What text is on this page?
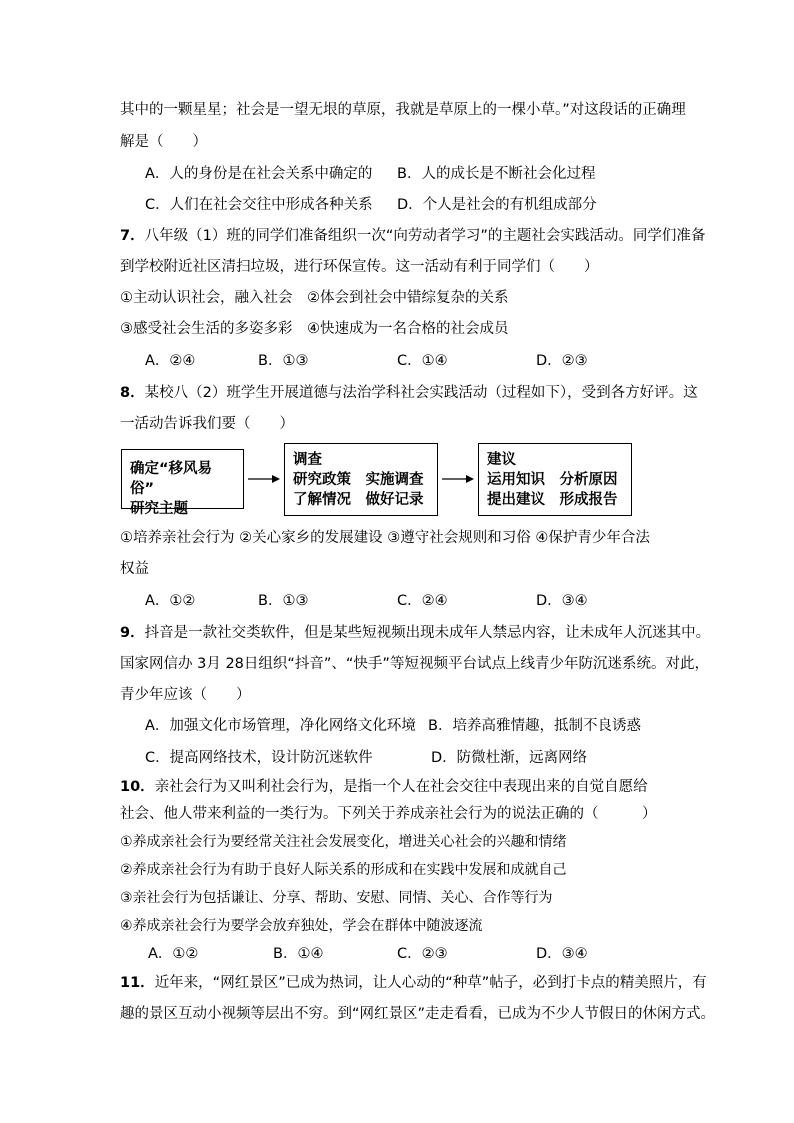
其中的一颗星星；社会是一望无垠的草原，我就是草原上的一棵小草。”对这段话的正确理
解是（　　）
A．人的身份是在社会关系中确定的 B．人的成长是不断社会化过程
C．人们在社会交往中形成各种关系 D．个人是社会的有机组成部分
7．八年级（1）班的同学们准备组织一次“向劳动者学习”的主题社会实践活动。同学们准备
到学校附近社区清扫垃圾，进行环保宣传。这一活动有利于同学们（　　）
①主动认识社会，融入社会　②体会到社会中错综复杂的关系
③感受社会生活的多姿多彩　④快速成为一名合格的社会成员
A．②④	B．①③	C．①④	D．②③
8．某校八（2）班学生开展道德与法治学科社会实践活动（过程如下），受到各方好评。这
一活动告诉我们要（　　）
确定“移风易俗”
研究主题
调查
研究政策　实施调查
了解情况　做好记录
建议
运用知识　分析原因
提出建议　形成报告
①培养亲社会行为 ②关心家乡的发展建设 ③遵守社会规则和习俗 ④保护青少年合法
权益
A．①②	B．①③	C．②④	D．③④
9．抖音是一款社交类软件，但是某些短视频出现未成年人禁忌内容，让未成年人沉迷其中。
国家网信办 3月 28日组织“抖音”、“快手”等短视频平台试点上线青少年防沉迷系统。对此，
青少年应该（　　）
A．加强文化市场管理，净化网络文化环境 B．培养高雅情趣，抵制不良诱惑
C．提高网络技术，设计防沉迷软件	D．防微杜渐，远离网络
10．亲社会行为又叫利社会行为，是指一个人在社会交往中表现出来的自觉自愿给
社会、他人带来利益的一类行为。下列关于养成亲社会行为的说法正确的（　　　）
①养成亲社会行为要经常关注社会发展变化，增进关心社会的兴趣和情绪
②养成亲社会行为有助于良好人际关系的形成和在实践中发展和成就自己
③亲社会行为包括谦让、分享、帮助、安慰、同情、关心、合作等行为
④养成亲社会行为要学会放弃独处，学会在群体中随波逐流
A．①②	B．①④	C．②③	D．③④
11．近年来，“网红景区”已成为热词，让人心动的“种草”帖子，必到打卡点的精美照片，有
趣的景区互动小视频等层出不穷。到“网红景区”走走看看，已成为不少人节假日的休闲方式。
